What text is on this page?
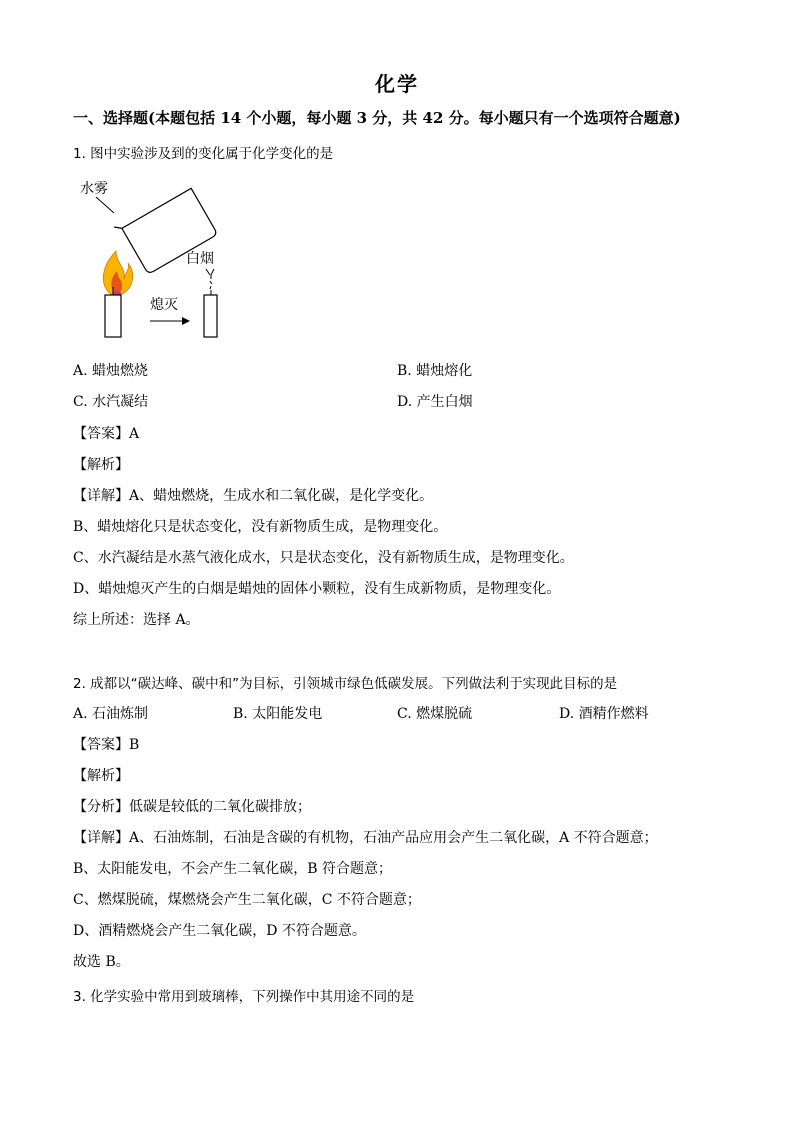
化学
一、选择题(本题包括 14 个小题，每小题 3 分，共 42 分。每小题只有一个选项符合题意)
1. 图中实验涉及到的变化属于化学变化的是
水雾
熄灭
白烟
A. 蜡烛燃烧	B. 蜡烛熔化
C. 水汽凝结	D. 产生白烟
【答案】A
【解析】
【详解】A、蜡烛燃烧，生成水和二氧化碳，是化学变化。
B、蜡烛熔化只是状态变化，没有新物质生成，是物理变化。
C、水汽凝结是水蒸气液化成水，只是状态变化，没有新物质生成，是物理变化。
D、蜡烛熄灭产生的白烟是蜡烛的固体小颗粒，没有生成新物质，是物理变化。
综上所述：选择 A。
2. 成都以“碳达峰、碳中和”为目标，引领城市绿色低碳发展。下列做法利于实现此目标的是
A. 石油炼制	B. 太阳能发电	C. 燃煤脱硫	D. 酒精作燃料
【答案】B
【解析】
【分析】低碳是较低的二氧化碳排放；
【详解】A、石油炼制，石油是含碳的有机物，石油产品应用会产生二氧化碳，A 不符合题意；
B、太阳能发电，不会产生二氧化碳，B 符合题意；
C、燃煤脱硫，煤燃烧会产生二氧化碳，C 不符合题意；
D、酒精燃烧会产生二氧化碳，D 不符合题意。
故选 B。
3. 化学实验中常用到玻璃棒，下列操作中其用途不同的是
